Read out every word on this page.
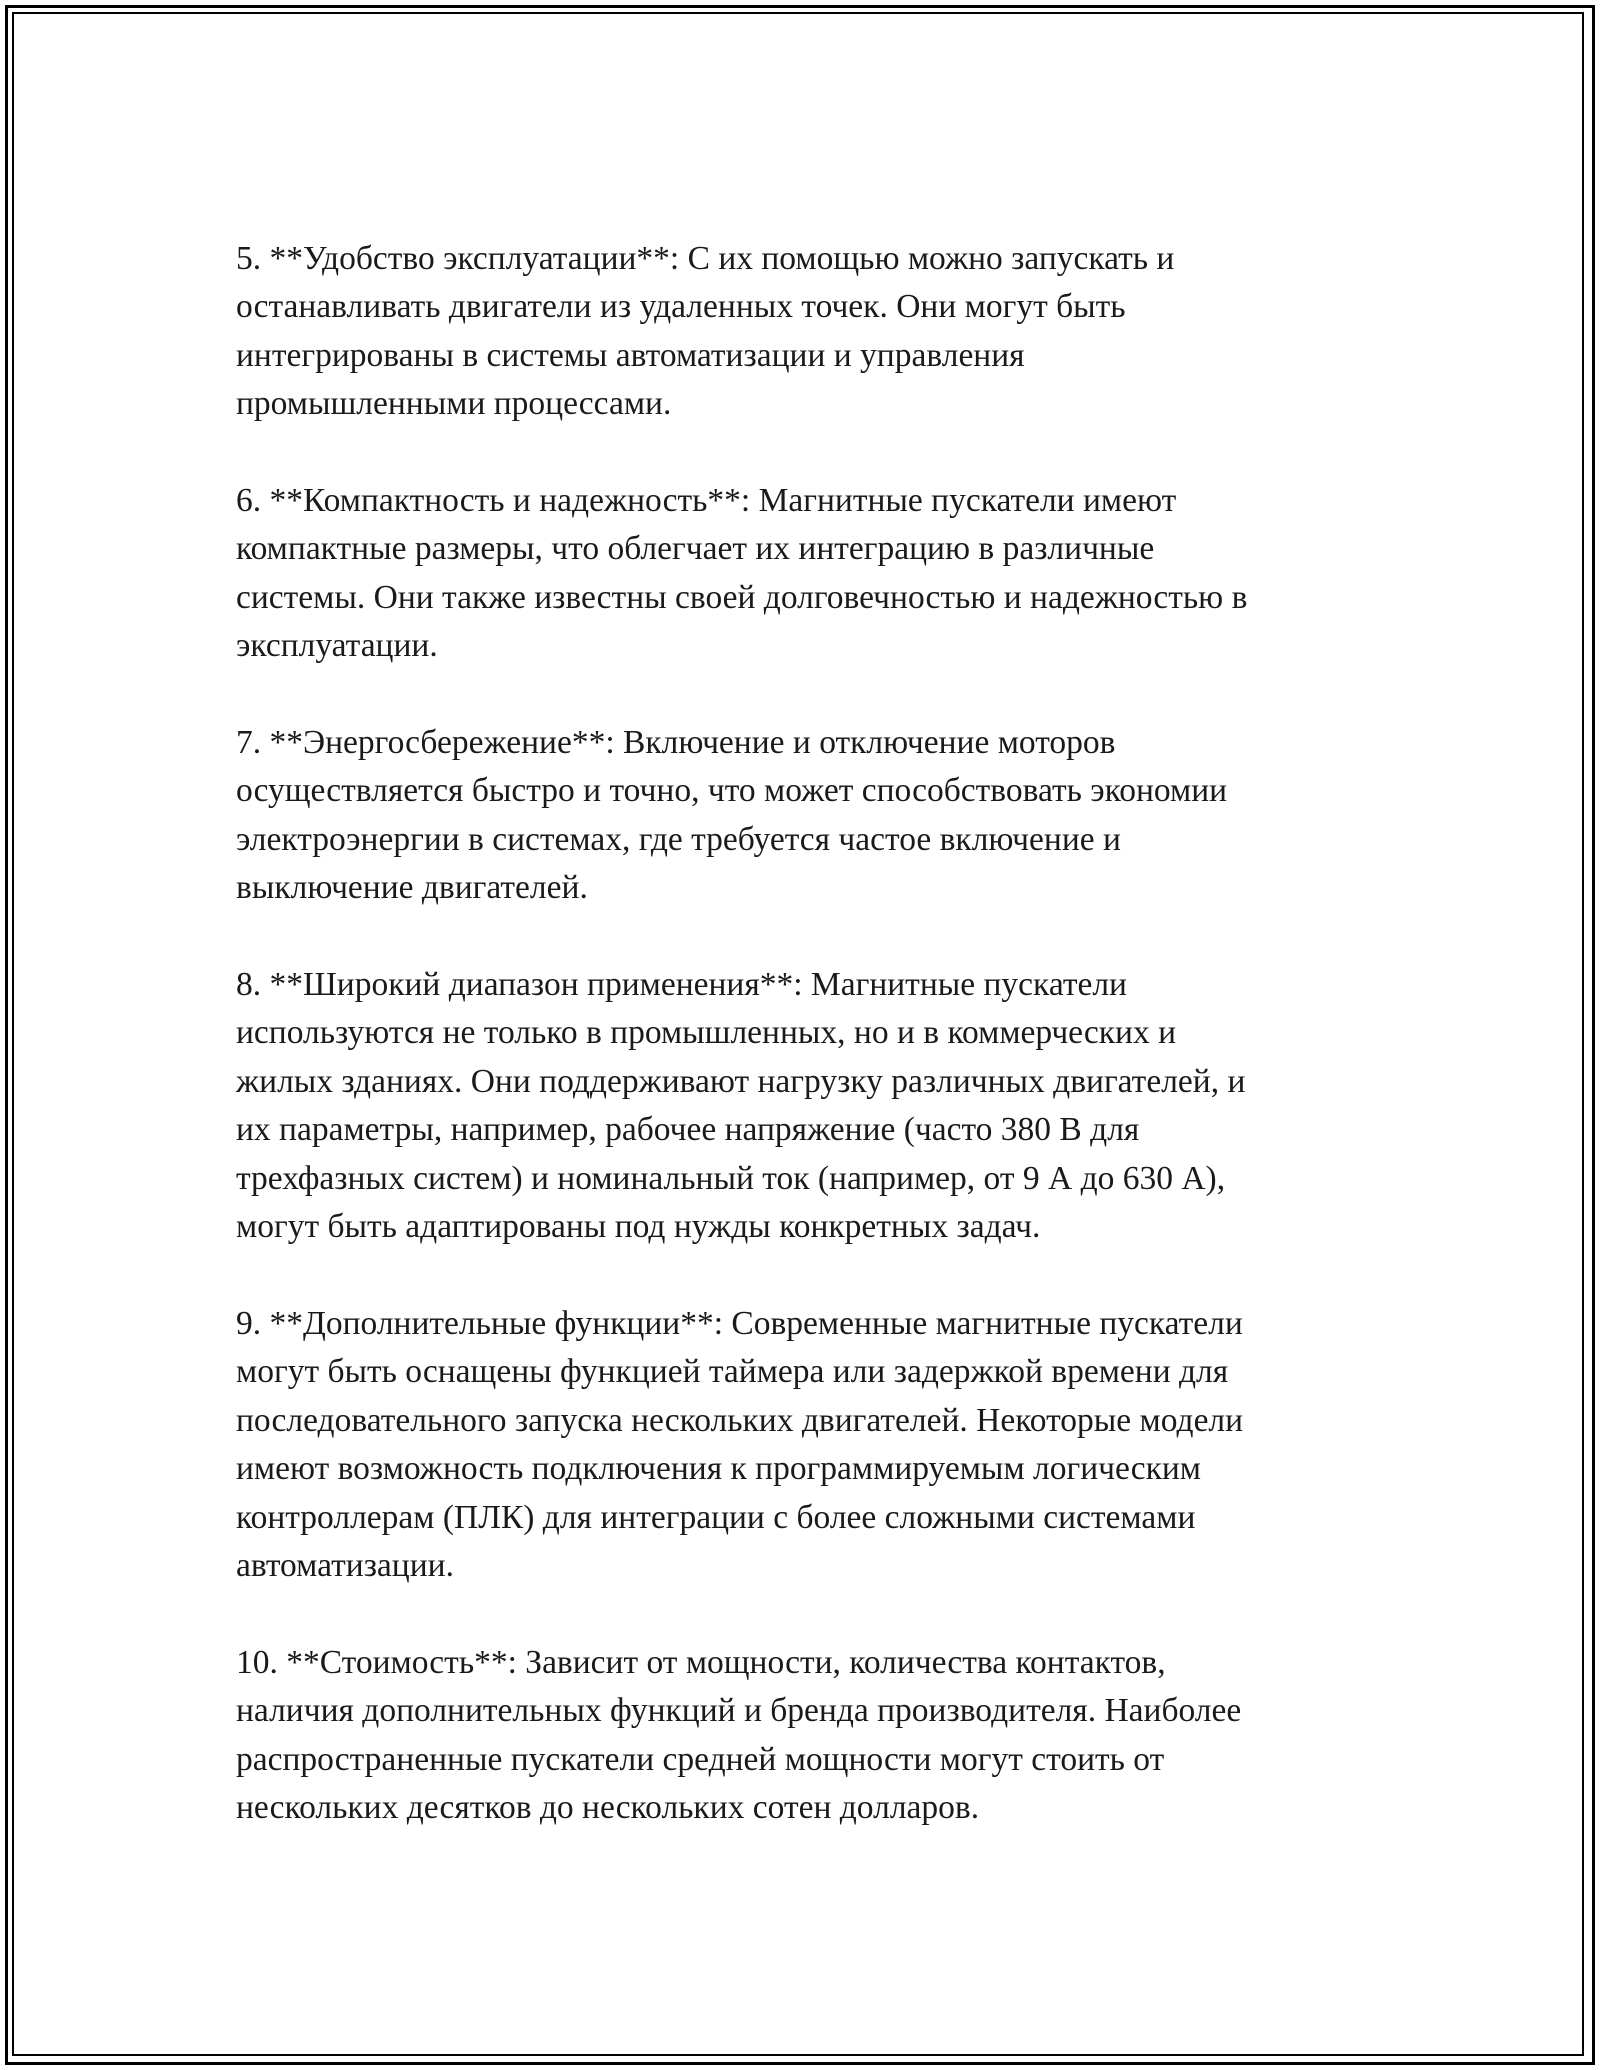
5. **Удобство эксплуатации**: С их помощью можно запускать и
останавливать двигатели из удаленных точек. Они могут быть
интегрированы в системы автоматизации и управления
промышленными процессами.

6. **Компактность и надежность**: Магнитные пускатели имеют
компактные размеры, что облегчает их интеграцию в различные
системы. Они также известны своей долговечностью и надежностью в
эксплуатации.

7. **Энергосбережение**: Включение и отключение моторов
осуществляется быстро и точно, что может способствовать экономии
электроэнергии в системах, где требуется частое включение и
выключение двигателей.

8. **Широкий диапазон применения**: Магнитные пускатели
используются не только в промышленных, но и в коммерческих и
жилых зданиях. Они поддерживают нагрузку различных двигателей, и
их параметры, например, рабочее напряжение (часто 380 В для
трехфазных систем) и номинальный ток (например, от 9 А до 630 А),
могут быть адаптированы под нужды конкретных задач.

9. **Дополнительные функции**: Современные магнитные пускатели
могут быть оснащены функцией таймера или задержкой времени для
последовательного запуска нескольких двигателей. Некоторые модели
имеют возможность подключения к программируемым логическим
контроллерам (ПЛК) для интеграции с более сложными системами
автоматизации.

10. **Стоимость**: Зависит от мощности, количества контактов,
наличия дополнительных функций и бренда производителя. Наиболее
распространенные пускатели средней мощности могут стоить от
нескольких десятков до нескольких сотен долларов.
